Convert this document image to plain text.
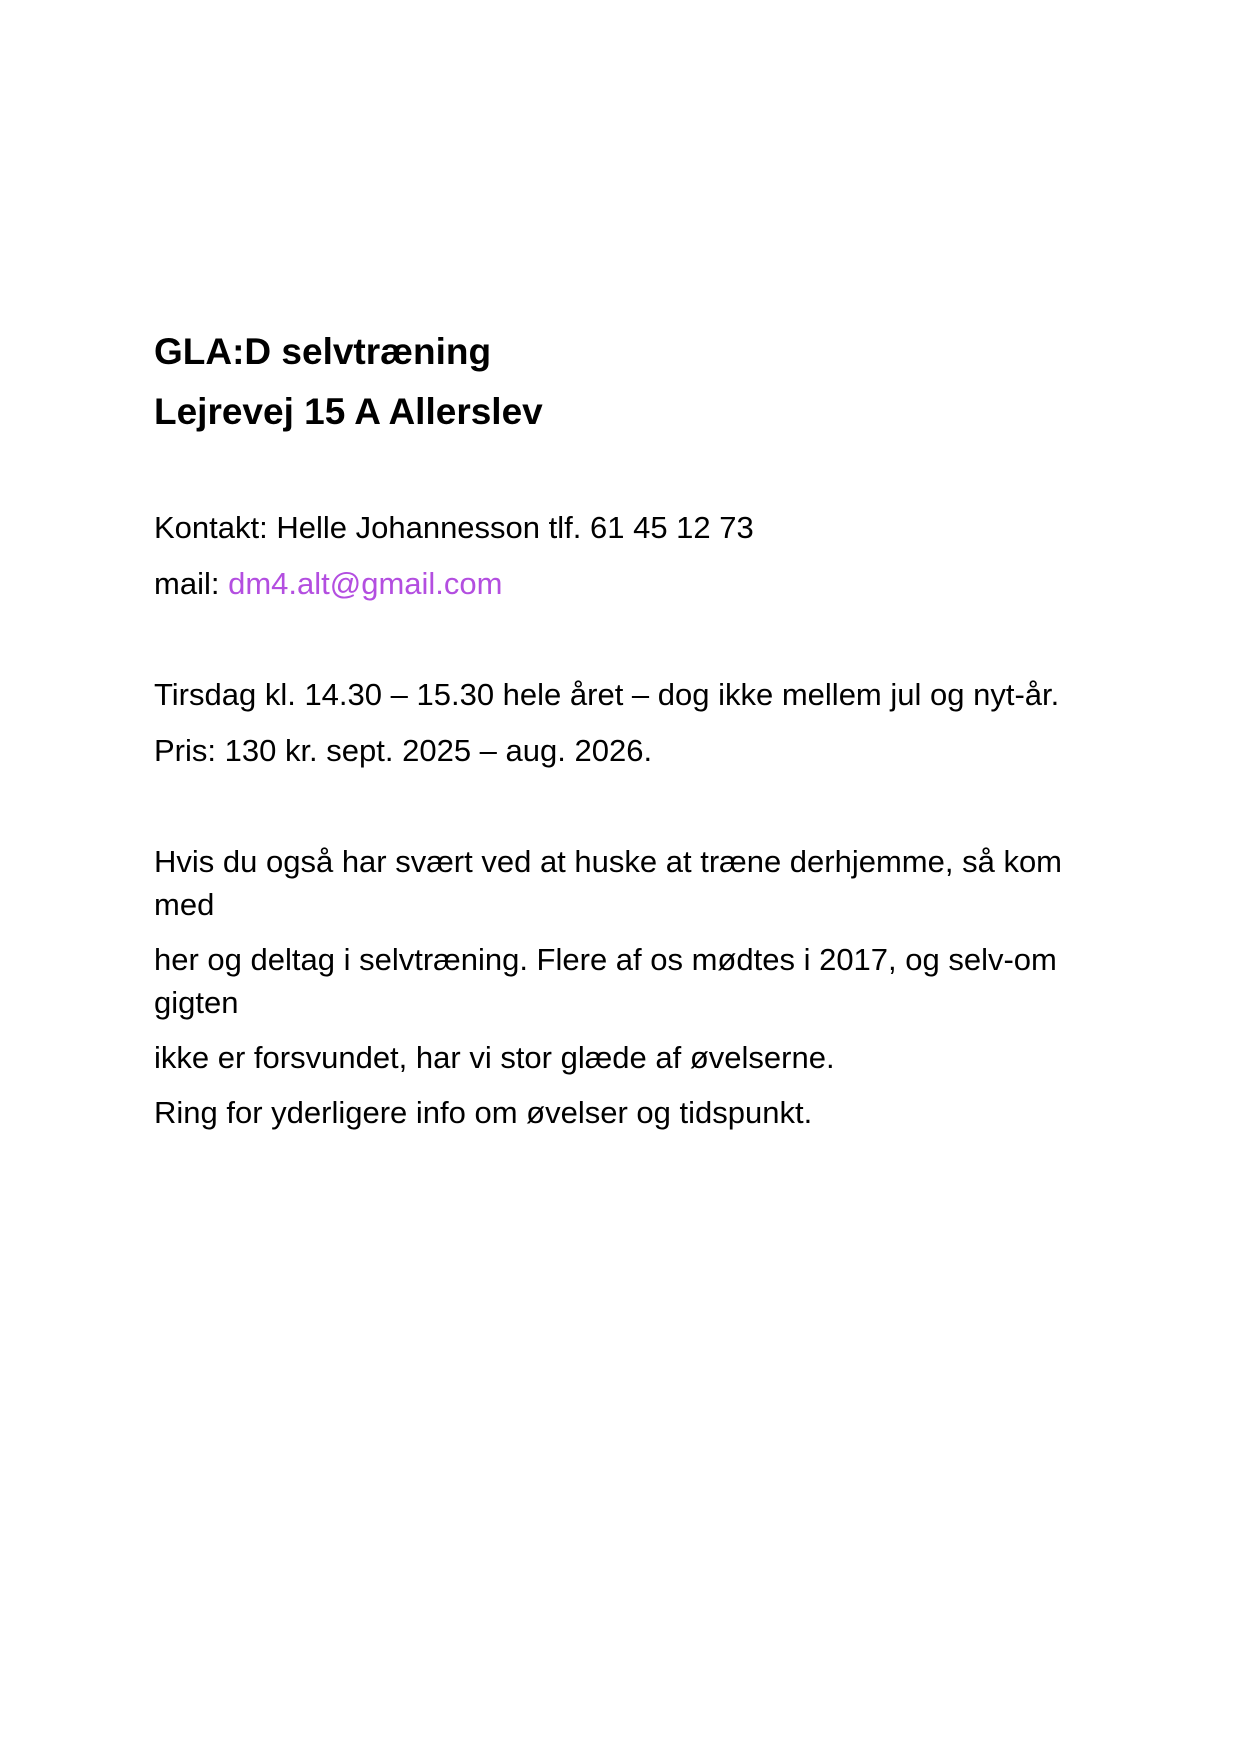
GLA:D selvtræning
Lejrevej 15 A Allerslev

Kontakt: Helle Johannesson tlf. 61 45 12 73

mail: dm4.alt@gmail.com

Tirsdag kl. 14.30 – 15.30 hele året – dog ikke mellem jul og nyt-år.

Pris: 130 kr. sept. 2025 – aug. 2026.

Hvis du også har svært ved at huske at træne derhjemme, så kom med

her og deltag i selvtræning. Flere af os mødtes i 2017, og selv-om gigten

ikke er forsvundet, har vi stor glæde af øvelserne.

Ring for yderligere info om øvelser og tidspunkt.
